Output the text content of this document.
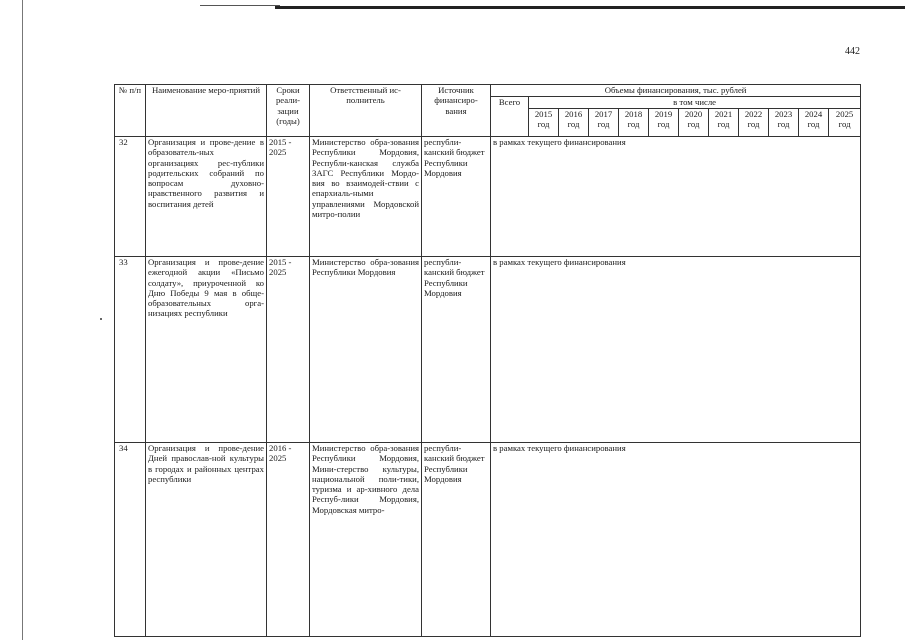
442
№ п/п	Наименование меро-приятий	Сроки реали-зации (годы)	Ответственный ис-полнитель	Источник финансиро-вания	Объемы финансирования, тыс. рублей											
					Всего	в том числе										
						2015 год	2016 год	2017 год	2018 год	2019 год	2020 год	2021 год	2022 год	2023 год	2024 год	2025 год
32	Организация и прове-дение в образователь-ных организациях рес-публики родительских собраний по вопросам духовно-нравственного развития и воспитания детей	2015 - 2025	Министерство обра-зования Республики Мордовия, Республи-канская служба ЗАГС Республики Мордо-вия во взаимодей-ствии с епархиаль-ными управлениями Мордовской митро-полии	республи-канский бюджет Республики Мордовия	в рамках текущего финансирования											
33	Организация и прове-дение ежегодной акции «Письмо солдату», приуроченной ко Дню Победы 9 мая в обще-образовательных орга-низациях республики	2015 - 2025	Министерство обра-зования Республики Мордовия	республи-канский бюджет Республики Мордовия	в рамках текущего финансирования											
34	Организация и прове-дение Дней православ-ной культуры в городах и районных центрах республики	2016 - 2025	Министерство обра-зования Республики Мордовия, Мини-стерство культуры, национальной поли-тики, туризма и ар-хивного дела Респуб-лики Мордовия, Мордовская митро-	республи-канский бюджет Республики Мордовия	в рамках текущего финансирования											
